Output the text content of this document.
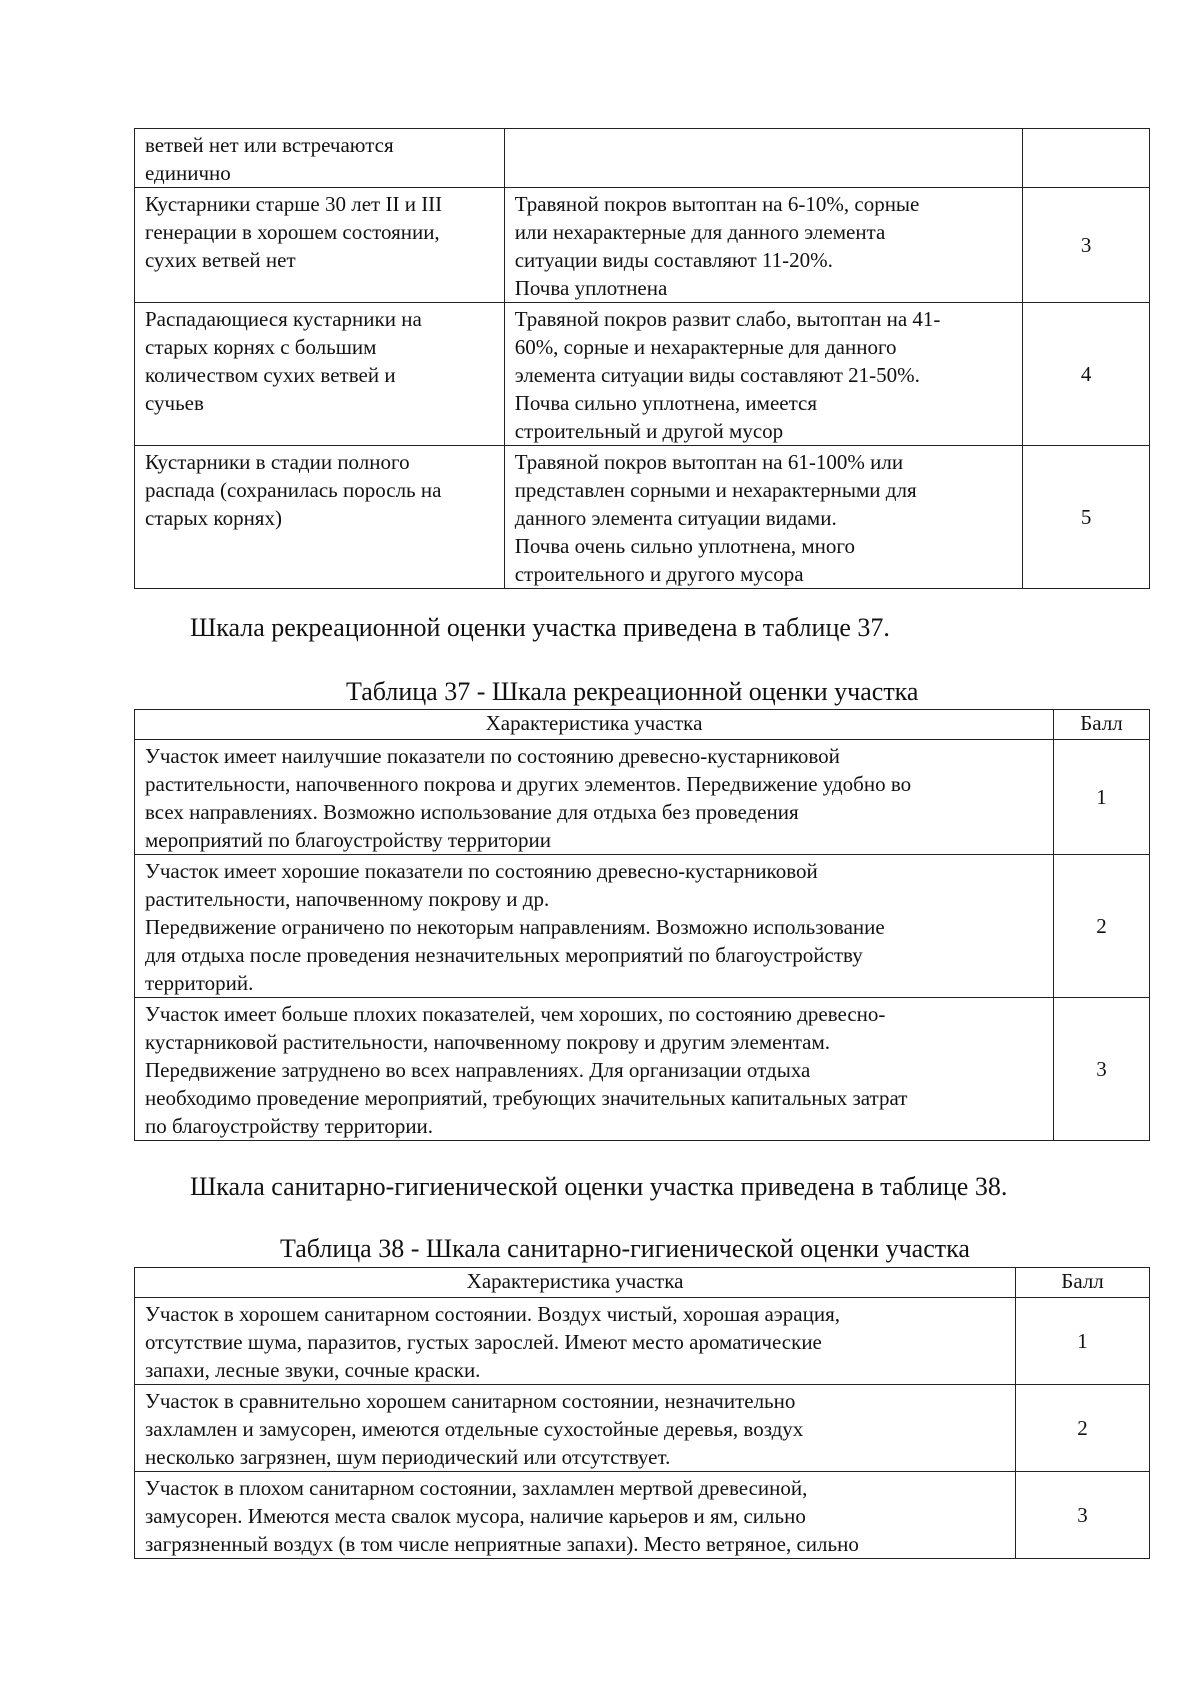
ветвей нет или встречаются
единично		

Кустарники старше 30 лет II и III
генерации в хорошем состоянии,
сухих ветвей нет	Травяной покров вытоптан на 6-10%, сорные
или нехарактерные для данного элемента
ситуации виды составляют 11-20%.
Почва уплотнена	3

Распадающиеся кустарники на
старых корнях с большим
количеством сухих ветвей и
сучьев	Травяной покров развит слабо, вытоптан на 41-
60%, сорные и нехарактерные для данного
элемента ситуации виды составляют 21-50%.
Почва сильно уплотнена, имеется
строительный и другой мусор	4

Кустарники в стадии полного
распада (сохранилась поросль на
старых корнях)	Травяной покров вытоптан на 61-100% или
представлен сорными и нехарактерными для
данного элемента ситуации видами.
Почва очень сильно уплотнена, много
строительного и другого мусора	5
Шкала рекреационной оценки участка приведена в таблице 37.
Таблица 37 - Шкала рекреационной оценки участка
Характеристика участка	Балл

Участок имеет наилучшие показатели по состоянию древесно-кустарниковой
растительности, напочвенного покрова и других элементов. Передвижение удобно во
всех направлениях. Возможно использование для отдыха без проведения
мероприятий по благоустройству территории	1

Участок имеет хорошие показатели по состоянию древесно-кустарниковой
растительности, напочвенному покрову и др.
Передвижение ограничено по некоторым направлениям. Возможно использование
для отдыха после проведения незначительных мероприятий по благоустройству
территорий.	2

Участок имеет больше плохих показателей, чем хороших, по состоянию древесно-
кустарниковой растительности, напочвенному покрову и другим элементам.
Передвижение затруднено во всех направлениях. Для организации отдыха
необходимо проведение мероприятий, требующих значительных капитальных затрат
по благоустройству территории.	3
Шкала санитарно-гигиенической оценки участка приведена в таблице 38.
Таблица 38 - Шкала санитарно-гигиенической оценки участка
Характеристика участка	Балл

Участок в хорошем санитарном состоянии. Воздух чистый, хорошая аэрация,
отсутствие шума, паразитов, густых зарослей. Имеют место ароматические
запахи, лесные звуки, сочные краски.	1

Участок в сравнительно хорошем санитарном состоянии, незначительно
захламлен и замусорен, имеются отдельные сухостойные деревья, воздух
несколько загрязнен, шум периодический или отсутствует.	2

Участок в плохом санитарном состоянии, захламлен мертвой древесиной,
замусорен. Имеются места свалок мусора, наличие карьеров и ям, сильно
загрязненный воздух (в том числе неприятные запахи). Место ветряное, сильно	3
